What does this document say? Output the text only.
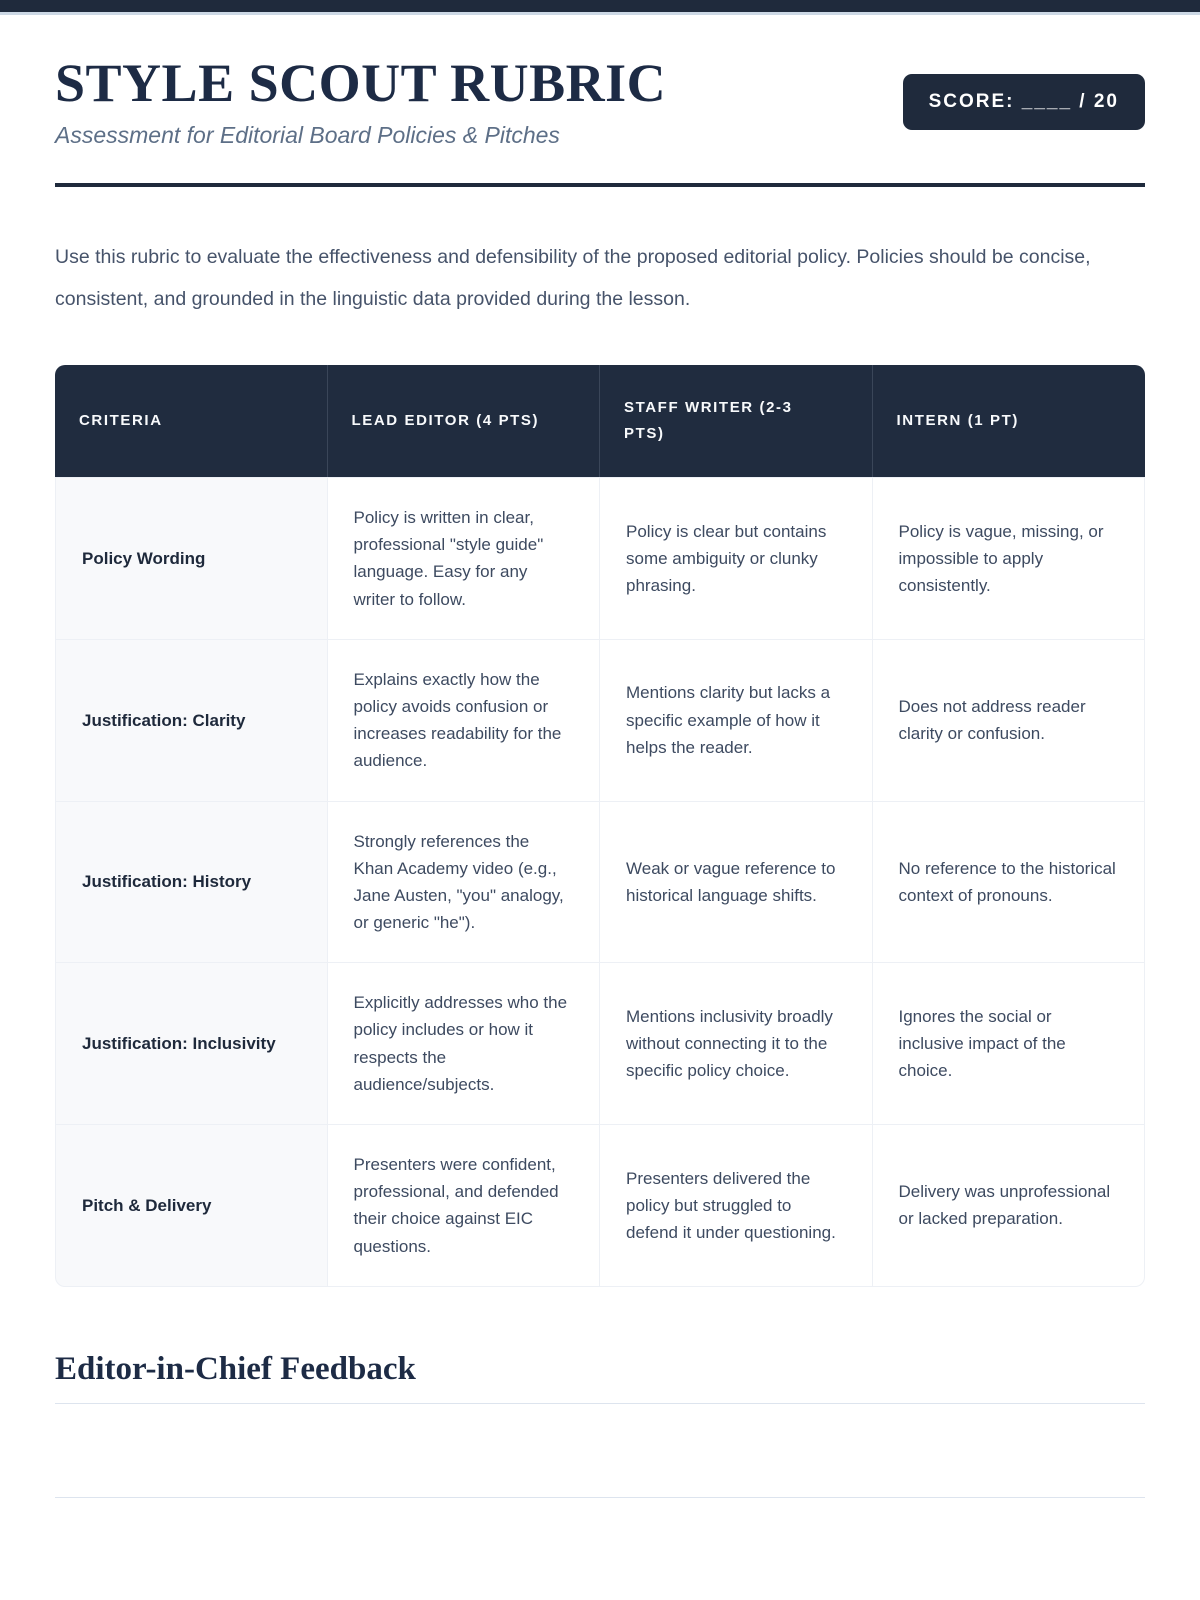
STYLE SCOUT RUBRIC

Assessment for Editorial Board Policies & Pitches

SCORE: ____ / 20

Use this rubric to evaluate the effectiveness and defensibility of the proposed editorial policy. Policies should be concise, consistent, and grounded in the linguistic data provided during the lesson.

CRITERIA	LEAD EDITOR (4 PTS)	STAFF WRITER (2-3 PTS)	INTERN (1 PT)
Policy Wording	Policy is written in clear, professional "style guide" language. Easy for any writer to follow.	Policy is clear but contains some ambiguity or clunky phrasing.	Policy is vague, missing, or impossible to apply consistently.
Justification: Clarity	Explains exactly how the policy avoids confusion or increases readability for the audience.	Mentions clarity but lacks a specific example of how it helps the reader.	Does not address reader clarity or confusion.
Justification: History	Strongly references the Khan Academy video (e.g., Jane Austen, "you" analogy, or generic "he").	Weak or vague reference to historical language shifts.	No reference to the historical context of pronouns.
Justification: Inclusivity	Explicitly addresses who the policy includes or how it respects the audience/subjects.	Mentions inclusivity broadly without connecting it to the specific policy choice.	Ignores the social or inclusive impact of the choice.
Pitch & Delivery	Presenters were confident, professional, and defended their choice against EIC questions.	Presenters delivered the policy but struggled to defend it under questioning.	Delivery was unprofessional or lacked preparation.
Editor-in-Chief Feedback
